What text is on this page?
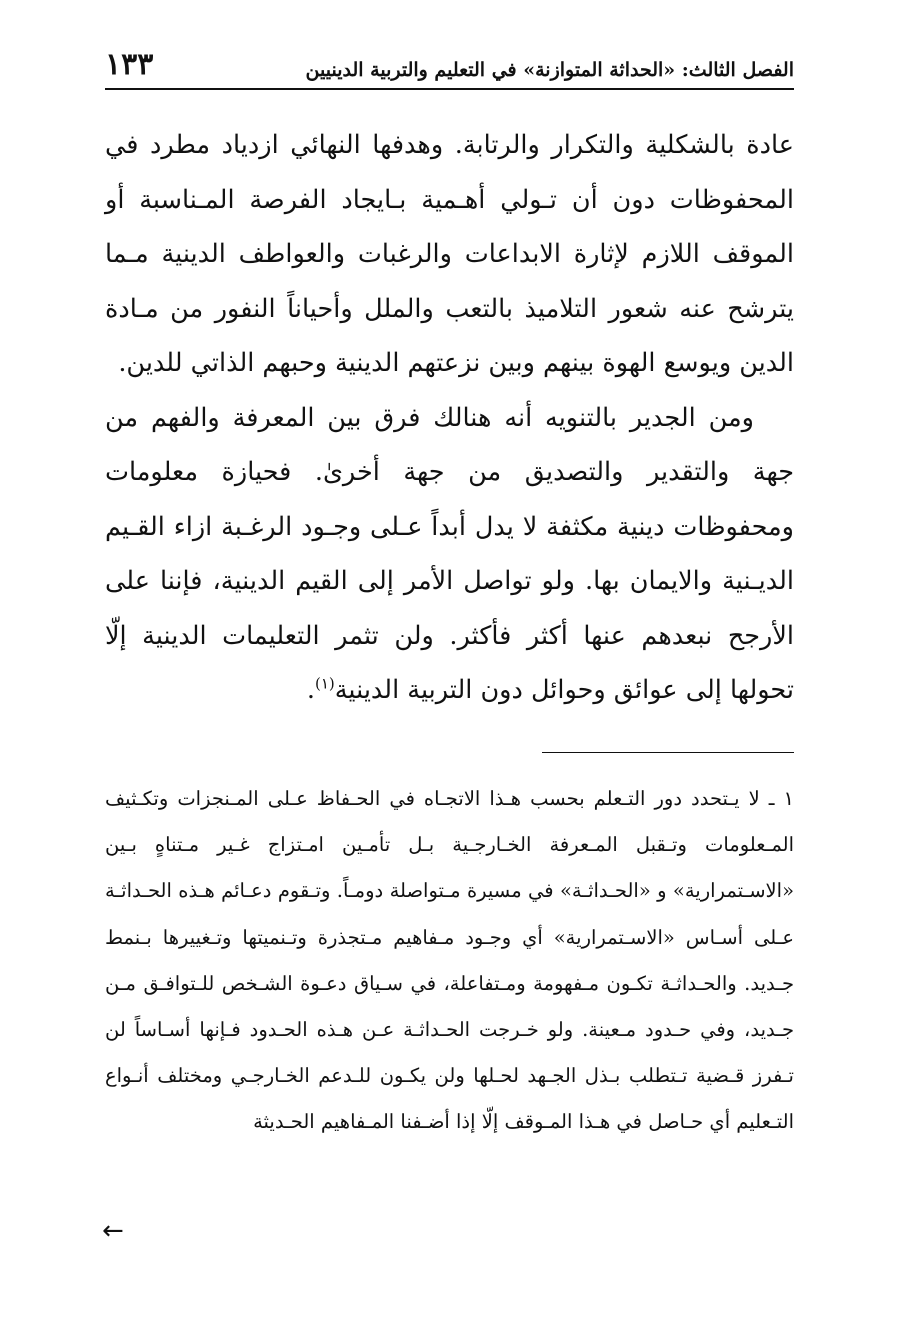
١٣٣	الفصل الثالث: «الحداثة المتوازنة» في التعليم والتربية الدينيين

عادة بالشكلية والتكرار والرتابة. وهدفها النهائي ازدياد مطرد في المحفوظات دون أن تـولي أهـمية بـايجاد الفرصة المـناسبة أو الموقف اللازم لإثارة الابداعات والرغبات والعواطف الدينية مـما يترشح عنه شعور التلاميذ بالتعب والملل وأحياناً النفور من مـادة الدين ويوسع الهوة بينهم وبين نزعتهم الدينية وحبهم الذاتي للدين.

ومن الجدير بالتنويه أنه هنالك فرق بين المعرفة والفهم من جهة والتقدير والتصديق من جهة أخرىٰ. فحيازة معلومات ومحفوظات دينية مكثفة لا يدل أبداً عـلى وجـود الرغـبة ازاء القـيم الديـنية والايمان بها. ولو تواصل الأمر إلى القيم الدينية، فإننا على الأرجح نبعدهم عنها أكثر فأكثر. ولن تثمر التعليمات الدينية إلّا تحولها إلى عوائق وحوائل دون التربية الدينية$^{(١)}$.

١ ـ لا يـتحدد دور التـعلم بحسب هـذا الاتجـاه في الحـفاظ عـلى المـنجزات وتكـثيف المـعلومات وتـقبل المـعرفة الخـارجـية بـل تأمـين امـتزاج غـير مـتناهٍ بـين «الاسـتمرارية» و «الحـداثـة» في مسيرة مـتواصلة دومـاً. وتـقوم دعـائم هـذه الحـداثـة عـلى أسـاس «الاسـتمرارية» أي وجـود مـفاهيم مـتجذرة وتـنميتها وتـغييرها بـنمط جـديد. والحـداثـة تكـون مـفهومة ومـتفاعلة، في سـياق دعـوة الشـخص للـتوافـق مـن جـديد، وفي حـدود مـعينة. ولو خـرجت الحـداثـة عـن هـذه الحـدود فـإنها أسـاساً لن تـفرز قـضية تـتطلب بـذل الجـهد لحـلها ولن يكـون للـدعم الخـارجـي ومختلف أنـواع التـعليم أي حـاصل في هـذا المـوقف إلّا إذا أضـفنا المـفاهيم الحـديثة

←
